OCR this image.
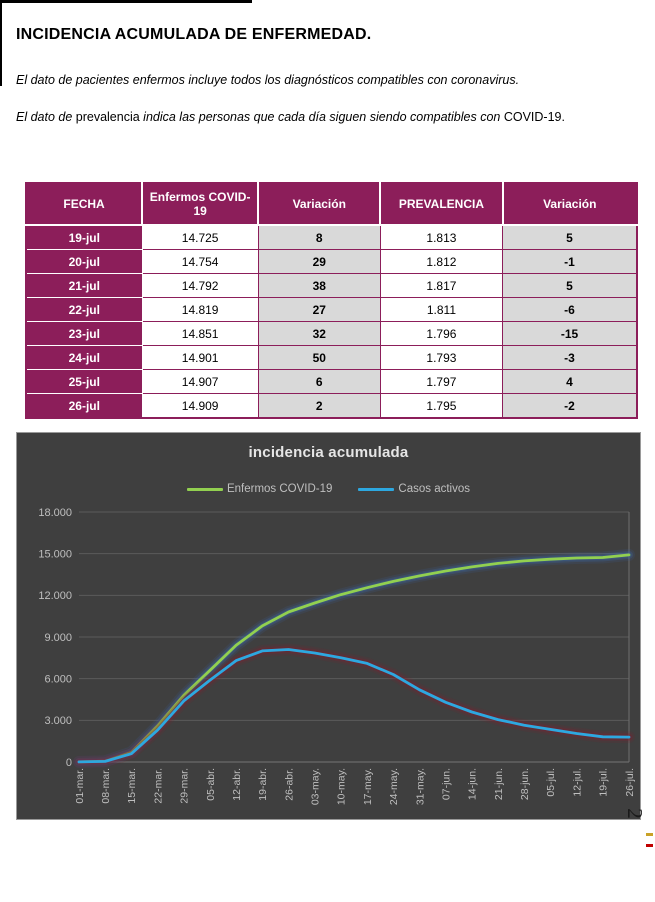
INCIDENCIA ACUMULADA DE ENFERMEDAD.

El dato de pacientes enfermos incluye todos los diagnósticos compatibles con coronavirus.

El dato de prevalencia indica las personas que cada día siguen siendo compatibles con COVID-19.

FECHA	Enfermos COVID-19	Variación	PREVALENCIA	Variación
19-jul	14.725	8	1.813	5
20-jul	14.754	29	1.812	-1
21-jul	14.792	38	1.817	5
22-jul	14.819	27	1.811	-6
23-jul	14.851	32	1.796	-15
24-jul	14.901	50	1.793	-3
25-jul	14.907	6	1.797	4
26-jul	14.909	2	1.795	-2
incidencia acumulada
Enfermos COVID-19	Casos activos
0
3.000
6.000
9.000
12.000
15.000
18.000
01-mar. 08-mar. 15-mar. 22-mar. 29-mar. 05-abr. 12-abr. 19-abr. 26-abr. 03-may. 10-may. 17-may. 24-may. 31-may. 07-jun. 14-jun. 21-jun. 28-jun. 05-jul. 12-jul. 19-jul. 26-jul.
2
